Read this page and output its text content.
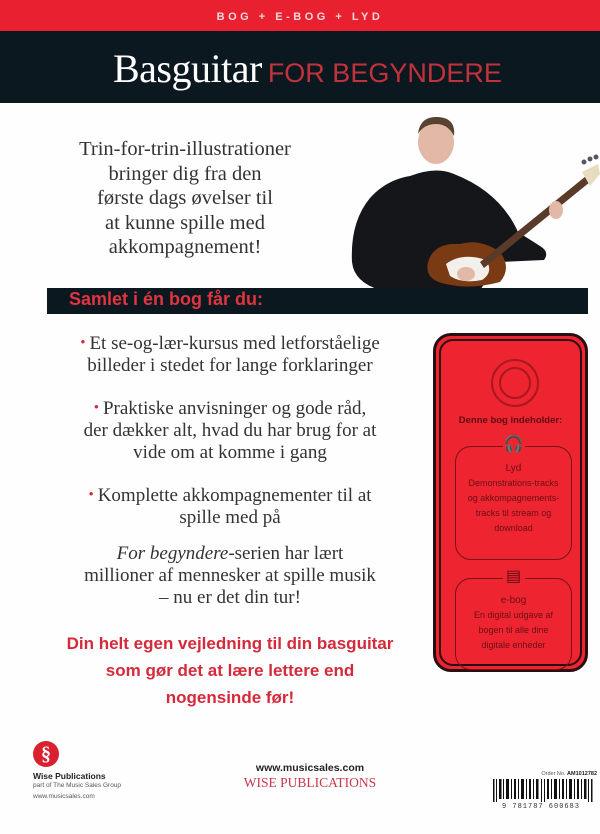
BOG + E-BOG + LYD
Basguitar FOR BEGYNDERE
Trin-for-trin-illustrationer
bringer dig fra den
første dags øvelser til
at kunne spille med
akkompagnement!
Samlet i én bog får du:

• Et se-og-lær-kursus med letforståelige
billeder i stedet for lange forklaringer

• Praktiske anvisninger og gode råd,
der dækker alt, hvad du har brug for at
vide om at komme i gang

• Komplette akkompagnementer til at
spille med på

For begyndere-serien har lært
millioner af mennesker at spille musik
– nu er det din tur!

Din helt egen vejledning til din basguitar
som gør det at lære lettere end
nogensinde før!
Denne bog indeholder:
🎧
Lyd
Demonstrations-tracks
og akkompagnements-
tracks til stream og
download
▤
e-bog
En digital udgave af
bogen til alle dine
digitale enheder
§
Wise Publications
part of The Music Sales Group
www.musicsales.com
www.musicsales.com
WISE PUBLICATIONS
Order No. AM1012782
9 781787 600683
